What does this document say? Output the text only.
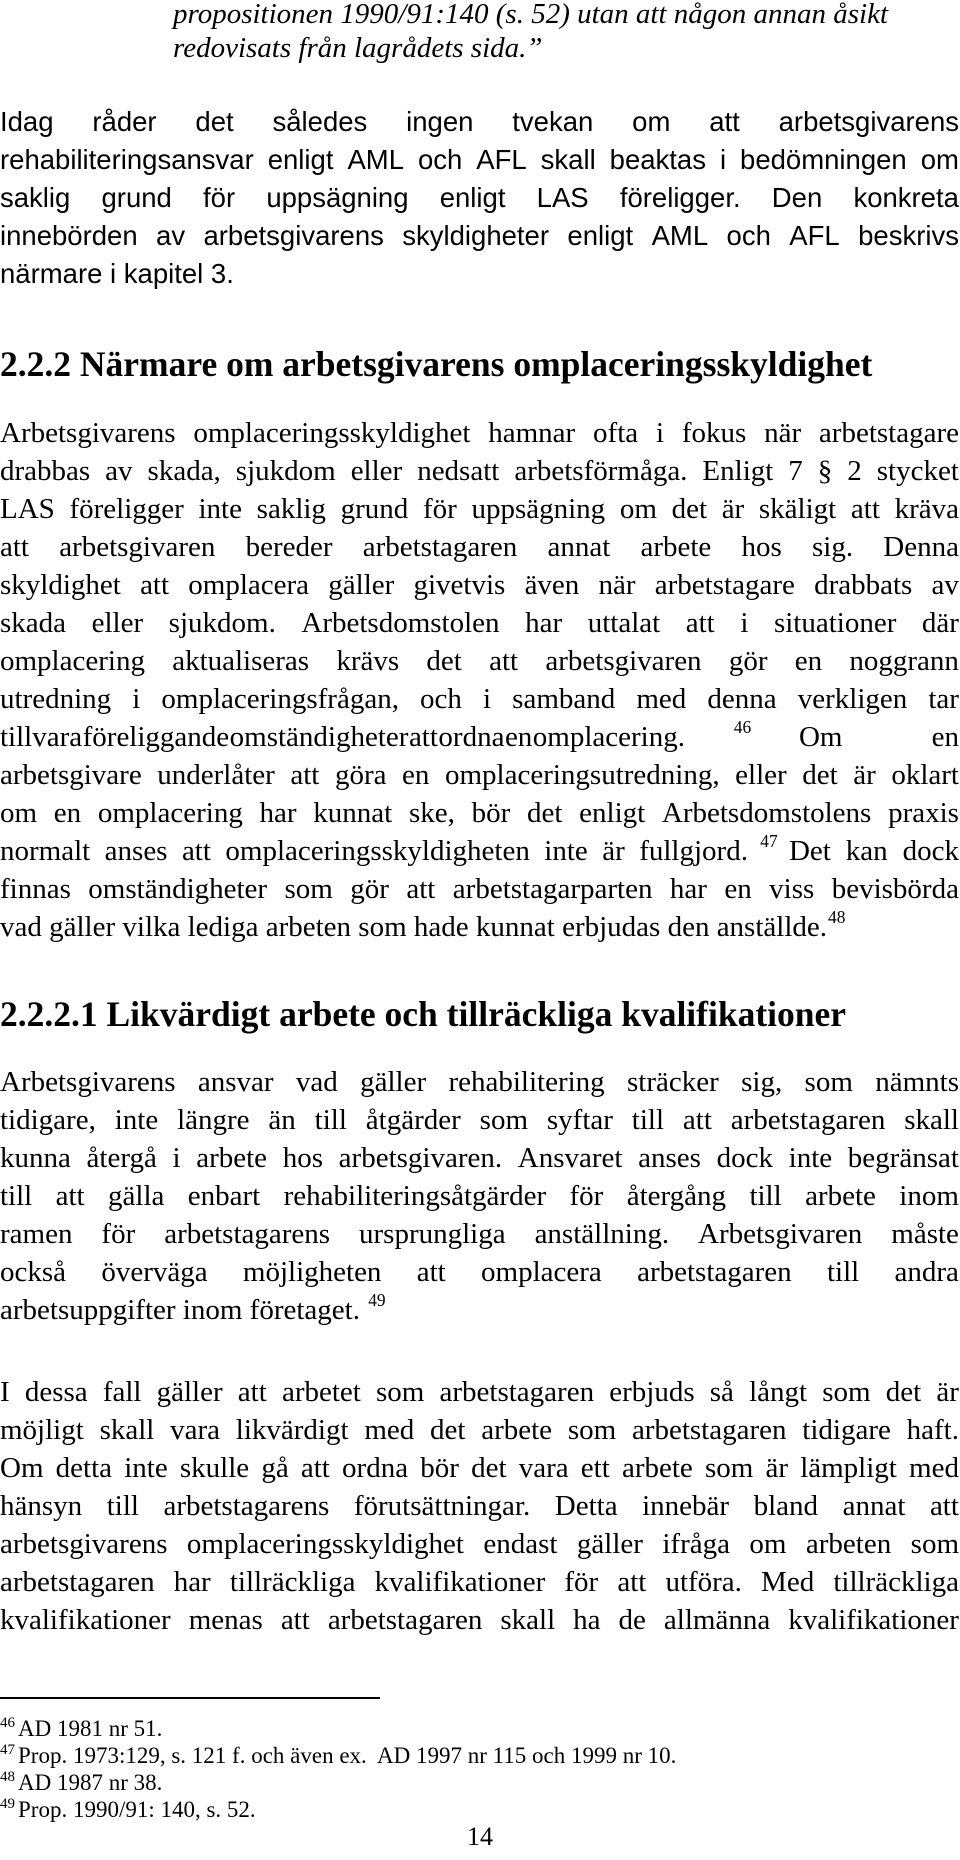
propositionen 1990/91:140 (s. 52) utan att någon annan åsikt
redovisats från lagrådets sida.”
Idag råder det således ingen tvekan om att arbetsgivarens
rehabiliteringsansvar enligt AML och AFL skall beaktas i bedömningen om
saklig grund för uppsägning enligt LAS föreligger. Den konkreta
innebörden av arbetsgivarens skyldigheter enligt AML och AFL beskrivs
närmare i kapitel 3.
2.2.2 Närmare om arbetsgivarens omplaceringsskyldighet
Arbetsgivarens omplaceringsskyldighet hamnar ofta i fokus när arbetstagare
drabbas av skada, sjukdom eller nedsatt arbetsförmåga. Enligt 7 § 2 stycket
LAS föreligger inte saklig grund för uppsägning om det är skäligt att kräva
att arbetsgivaren bereder arbetstagaren annat arbete hos sig. Denna
skyldighet att omplacera gäller givetvis även när arbetstagare drabbats av
skada eller sjukdom. Arbetsdomstolen har uttalat att i situationer där
omplacering aktualiseras krävs det att arbetsgivaren gör en noggrann
utredning i omplaceringsfrågan, och i samband med denna verkligen tar
tillvara föreliggande omständigheter att ordna en omplacering.	$^{46}$ Om	en
arbetsgivare underlåter att göra en omplaceringsutredning, eller det är oklart
om en omplacering har kunnat ske, bör det enligt Arbetsdomstolens praxis
normalt anses att omplaceringsskyldigheten inte är fullgjord. $^{47}$ Det kan dock
finnas omständigheter som gör att arbetstagarparten har en viss bevisbörda
vad gäller vilka lediga arbeten som hade kunnat erbjudas den anställde.$^{48}$
2.2.2.1 Likvärdigt arbete och tillräckliga kvalifikationer
Arbetsgivarens ansvar vad gäller rehabilitering sträcker sig, som nämnts
tidigare, inte längre än till åtgärder som syftar till att arbetstagaren skall
kunna återgå i arbete hos arbetsgivaren. Ansvaret anses dock inte begränsat
till att gälla enbart rehabiliteringsåtgärder för återgång till arbete inom
ramen för arbetstagarens ursprungliga anställning. Arbetsgivaren måste
också överväga möjligheten att omplacera arbetstagaren till andra
arbetsuppgifter inom företaget. $^{49}$
I dessa fall gäller att arbetet som arbetstagaren erbjuds så långt som det är
möjligt skall vara likvärdigt med det arbete som arbetstagaren tidigare haft.
Om detta inte skulle gå att ordna bör det vara ett arbete som är lämpligt med
hänsyn till arbetstagarens förutsättningar. Detta innebär bland annat att
arbetsgivarens omplaceringsskyldighet endast gäller ifråga om arbeten som
arbetstagaren har tillräckliga kvalifikationer för att utföra. Med tillräckliga
kvalifikationer menas att arbetstagaren skall ha de allmänna kvalifikationer
$^{46}$ AD 1981 nr 51.
$^{47}$ Prop. 1973:129, s. 121 f. och även ex.  AD 1997 nr 115 och 1999 nr 10.
$^{48}$ AD 1987 nr 38.
$^{49}$ Prop. 1990/91: 140, s. 52.
14
